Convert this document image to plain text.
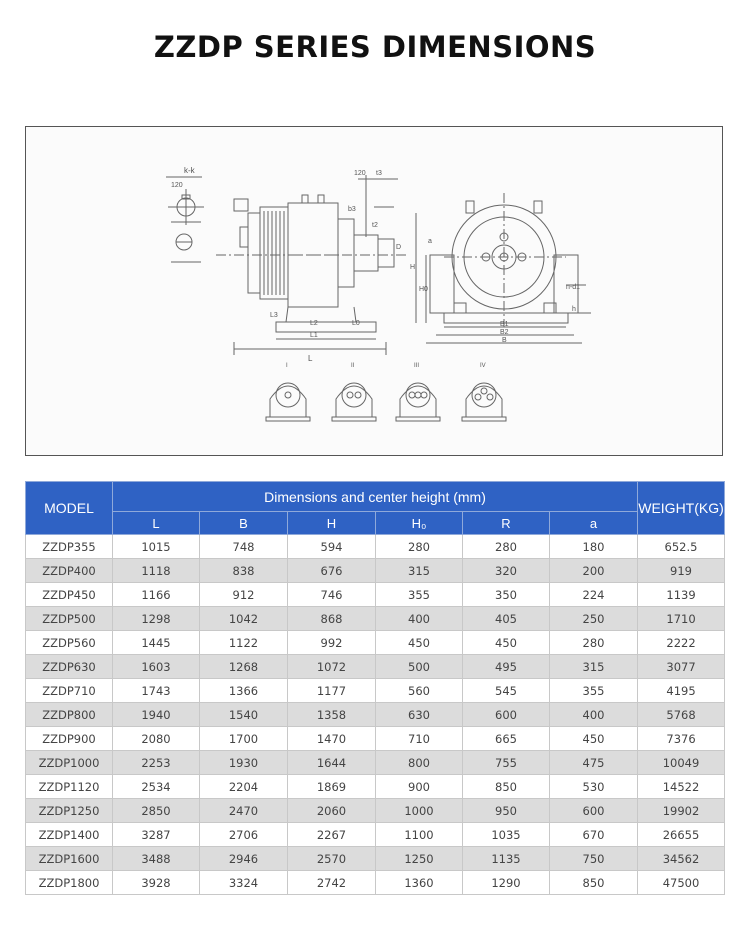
ZZDP SERIES DIMENSIONS
k-k
120
L
L1
L2
L3
L0
120 t3
b3
t2
D
B1
B2
B
H
H0
a
n-d1
h
I	II	III	IV
MODEL	Dimensions and center height (mm)						WEIGHT(KG)
	L	B	H	H₀	R	a	
ZZDP355	1015	748	594	280	280	180	652.5
ZZDP400	1118	838	676	315	320	200	919
ZZDP450	1166	912	746	355	350	224	1139
ZZDP500	1298	1042	868	400	405	250	1710
ZZDP560	1445	1122	992	450	450	280	2222
ZZDP630	1603	1268	1072	500	495	315	3077
ZZDP710	1743	1366	1177	560	545	355	4195
ZZDP800	1940	1540	1358	630	600	400	5768
ZZDP900	2080	1700	1470	710	665	450	7376
ZZDP1000	2253	1930	1644	800	755	475	10049
ZZDP1120	2534	2204	1869	900	850	530	14522
ZZDP1250	2850	2470	2060	1000	950	600	19902
ZZDP1400	3287	2706	2267	1100	1035	670	26655
ZZDP1600	3488	2946	2570	1250	1135	750	34562
ZZDP1800	3928	3324	2742	1360	1290	850	47500
